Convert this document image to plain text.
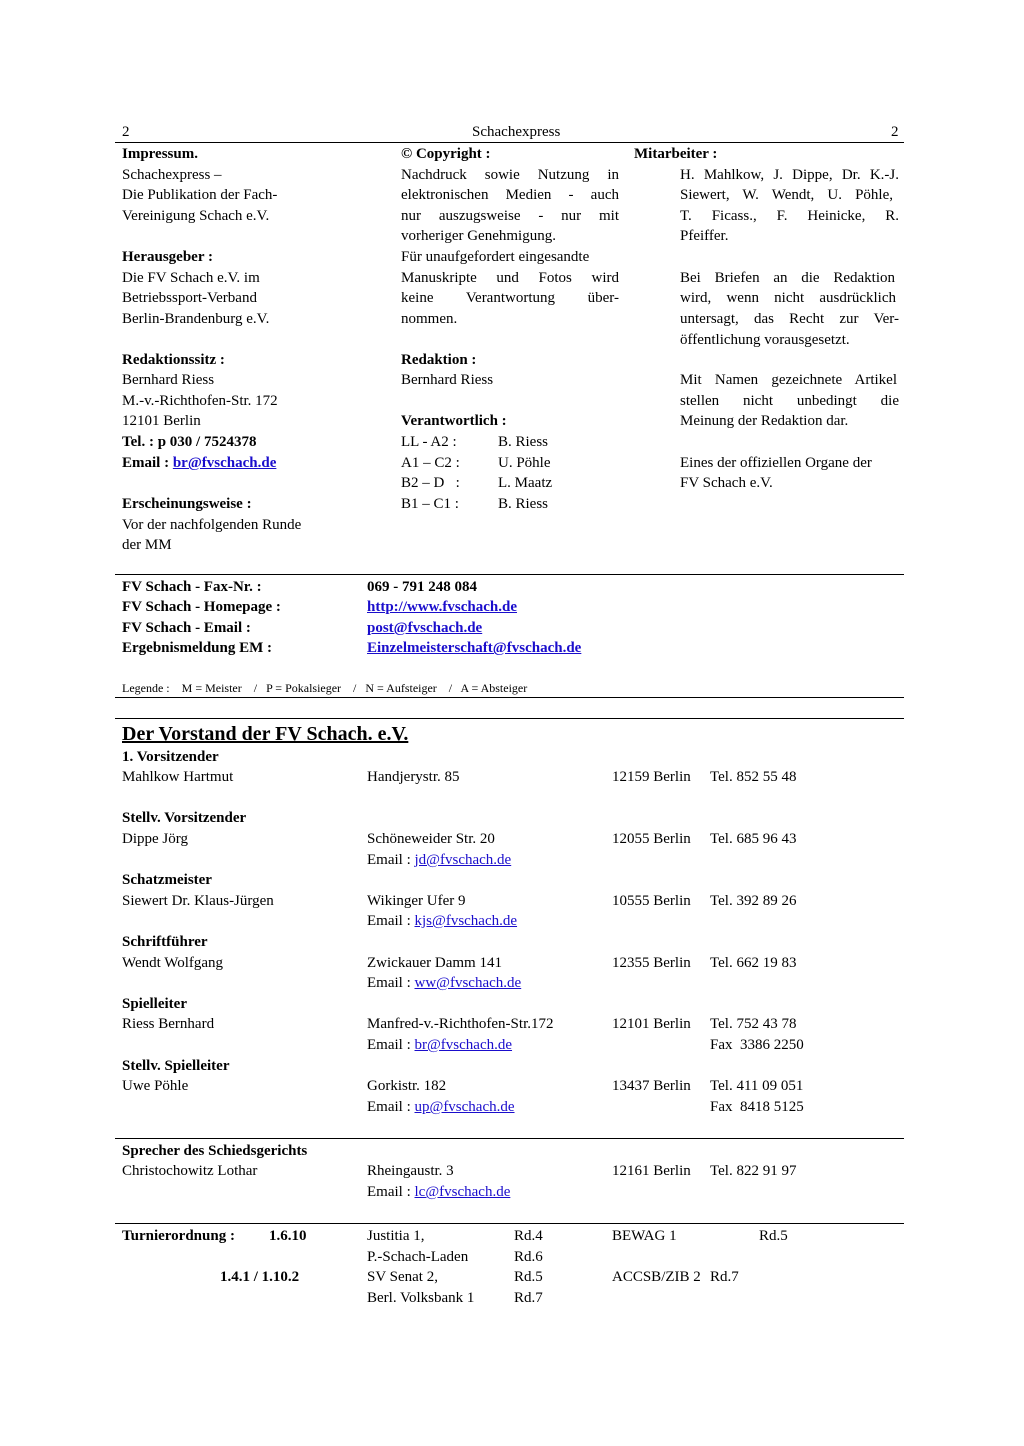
2	Schachexpress	2
Impressum.
Schachexpress –
Die Publikation der Fach-
Vereinigung Schach e.V.
Herausgeber :
Die FV Schach e.V. im
Betriebssport-Verband
Berlin-Brandenburg e.V.
Redaktionssitz :
Bernhard Riess
M.-v.-Richthofen-Str. 172
12101 Berlin
Tel. : p 030 / 7524378
Email : br@fvschach.de
Erscheinungsweise :
Vor der nachfolgenden Runde
der MM
© Copyright :
Nachdruck sowie Nutzung in
elektronischen Medien - auch
nur auszugsweise - nur mit
vorheriger Genehmigung.
Für unaufgefordert eingesandte
Manuskripte und Fotos wird
keine Verantwortung über-
nommen.
Redaktion :
Bernhard Riess
Verantwortlich :
LL - A2 :	B. Riess
A1 – C2 :	U. Pöhle
B2 – D   :	L. Maatz
B1 – C1 :	B. Riess
Mitarbeiter :
H. Mahlkow, J. Dippe, Dr. K.-J.
Siewert, W. Wendt, U. Pöhle,
T. Ficass., F. Heinicke, R.
Pfeiffer.
Bei Briefen an die Redaktion
wird, wenn nicht ausdrücklich
untersagt, das Recht zur Ver-
öffentlichung vorausgesetzt.
Mit Namen gezeichnete Artikel
stellen nicht unbedingt die
Meinung der Redaktion dar.
Eines der offiziellen Organe der
FV Schach e.V.
FV Schach - Fax-Nr. :	069 - 791 248 084
FV Schach - Homepage :	http://www.fvschach.de
FV Schach - Email :	post@fvschach.de
Ergebnismeldung EM :	Einzelmeisterschaft@fvschach.de
Legende :    M = Meister    /   P = Pokalsieger    /   N = Aufsteiger    /   A = Absteiger
Der Vorstand der FV Schach. e.V.
1. Vorsitzender
Mahlkow Hartmut	Handjerystr. 85	12159 Berlin Tel. 852 55 48
Stellv. Vorsitzender
Dippe Jörg	Schöneweider Str. 20	12055 Berlin Tel. 685 96 43
Email : jd@fvschach.de
Schatzmeister
Siewert Dr. Klaus-Jürgen	Wikinger Ufer 9	10555 Berlin Tel. 392 89 26
Email : kjs@fvschach.de
Schriftführer
Wendt Wolfgang	Zwickauer Damm 141	12355 Berlin Tel. 662 19 83
Email : ww@fvschach.de
Spielleiter
Riess Bernhard	Manfred-v.-Richthofen-Str.172	12101 Berlin Tel. 752 43 78
Email : br@fvschach.de	Fax  3386 2250
Stellv. Spielleiter
Uwe Pöhle	Gorkistr. 182	13437 Berlin Tel. 411 09 051
Email : up@fvschach.de	Fax  8418 5125
Sprecher des Schiedsgerichts
Christochowitz Lothar	Rheingaustr. 3	12161 Berlin Tel. 822 91 97
Email : lc@fvschach.de
Turnierordnung : 1.6.10	Justitia 1,	Rd.4	BEWAG 1	Rd.5
P.-Schach-Laden	Rd.6
1.4.1 / 1.10.2	SV Senat 2,	Rd.5	ACCSB/ZIB 2 Rd.7
Berl. Volksbank 1	Rd.7
